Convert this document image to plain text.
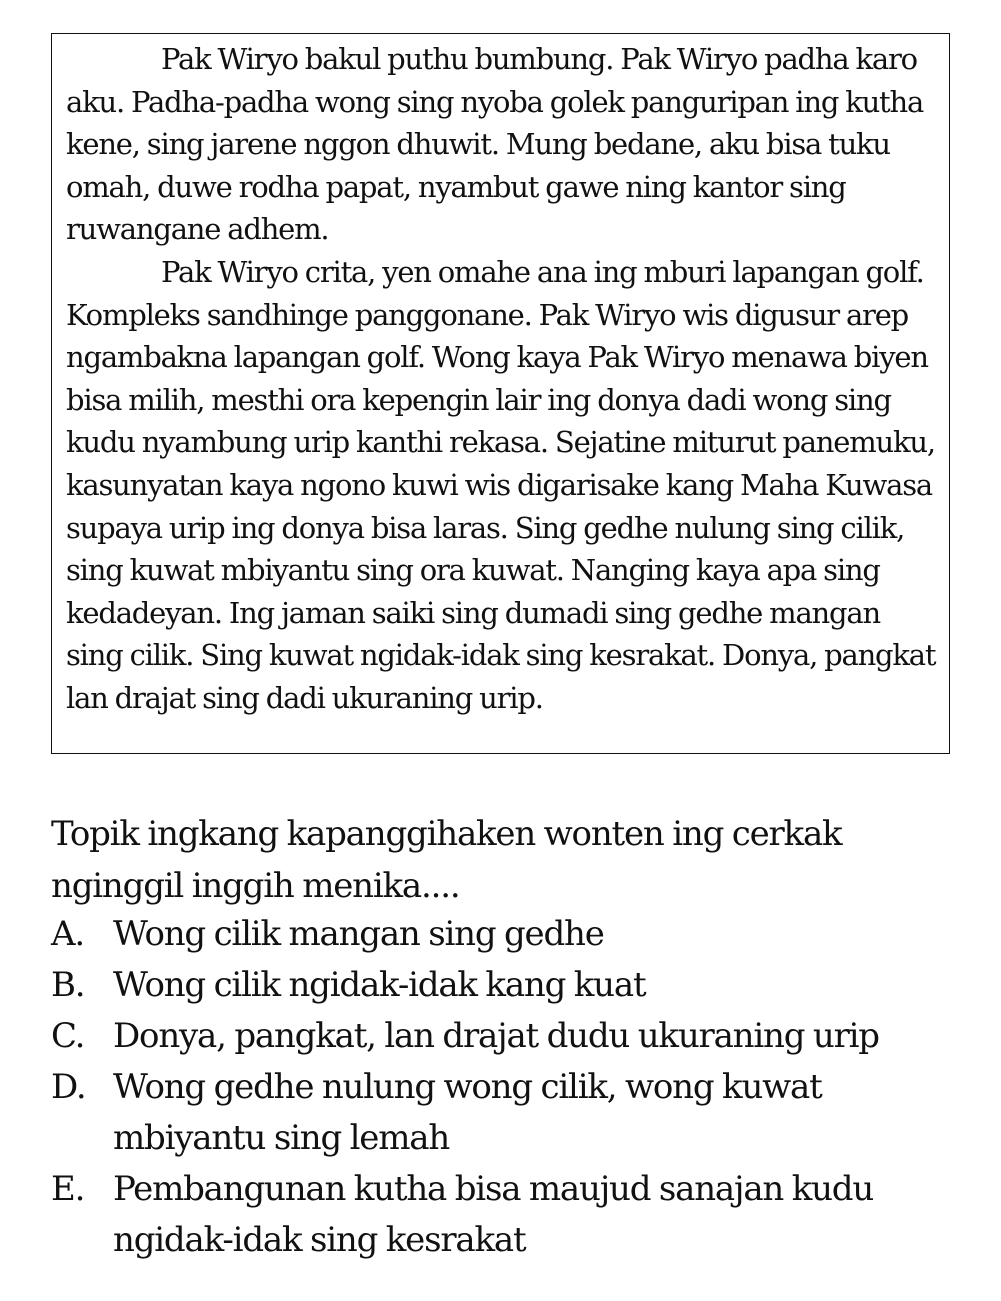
Pak Wiryo bakul puthu bumbung. Pak Wiryo padha karo aku. Padha-padha wong sing nyoba golek panguripan ing kutha kene, sing jarene nggon dhuwit. Mung bedane, aku bisa tuku omah, duwe rodha papat, nyambut gawe ning kantor sing ruwangane adhem.

Pak Wiryo crita, yen omahe ana ing mburi lapangan golf. Kompleks sandhinge panggonane. Pak Wiryo wis digusur arep ngambakna lapangan golf. Wong kaya Pak Wiryo menawa biyen bisa milih, mesthi ora kepengin lair ing donya dadi wong sing kudu nyambung urip kanthi rekasa. Sejatine miturut panemuku, kasunyatan kaya ngono kuwi wis digarisake kang Maha Kuwasa supaya urip ing donya bisa laras. Sing gedhe nulung sing cilik, sing kuwat mbiyantu sing ora kuwat. Nanging kaya apa sing kedadeyan. Ing jaman saiki sing dumadi sing gedhe mangan sing cilik. Sing kuwat ngidak-idak sing kesrakat. Donya, pangkat lan drajat sing dadi ukuraning urip.

Topik ingkang kapanggihaken wonten ing cerkak nginggil inggih menika....

A. Wong cilik mangan sing gedhe
B. Wong cilik ngidak-idak kang kuat
C. Donya, pangkat, lan drajat dudu ukuraning urip
D. Wong gedhe nulung wong cilik, wong kuwat mbiyantu sing lemah
E. Pembangunan kutha bisa maujud sanajan kudu ngidak-idak sing kesrakat
